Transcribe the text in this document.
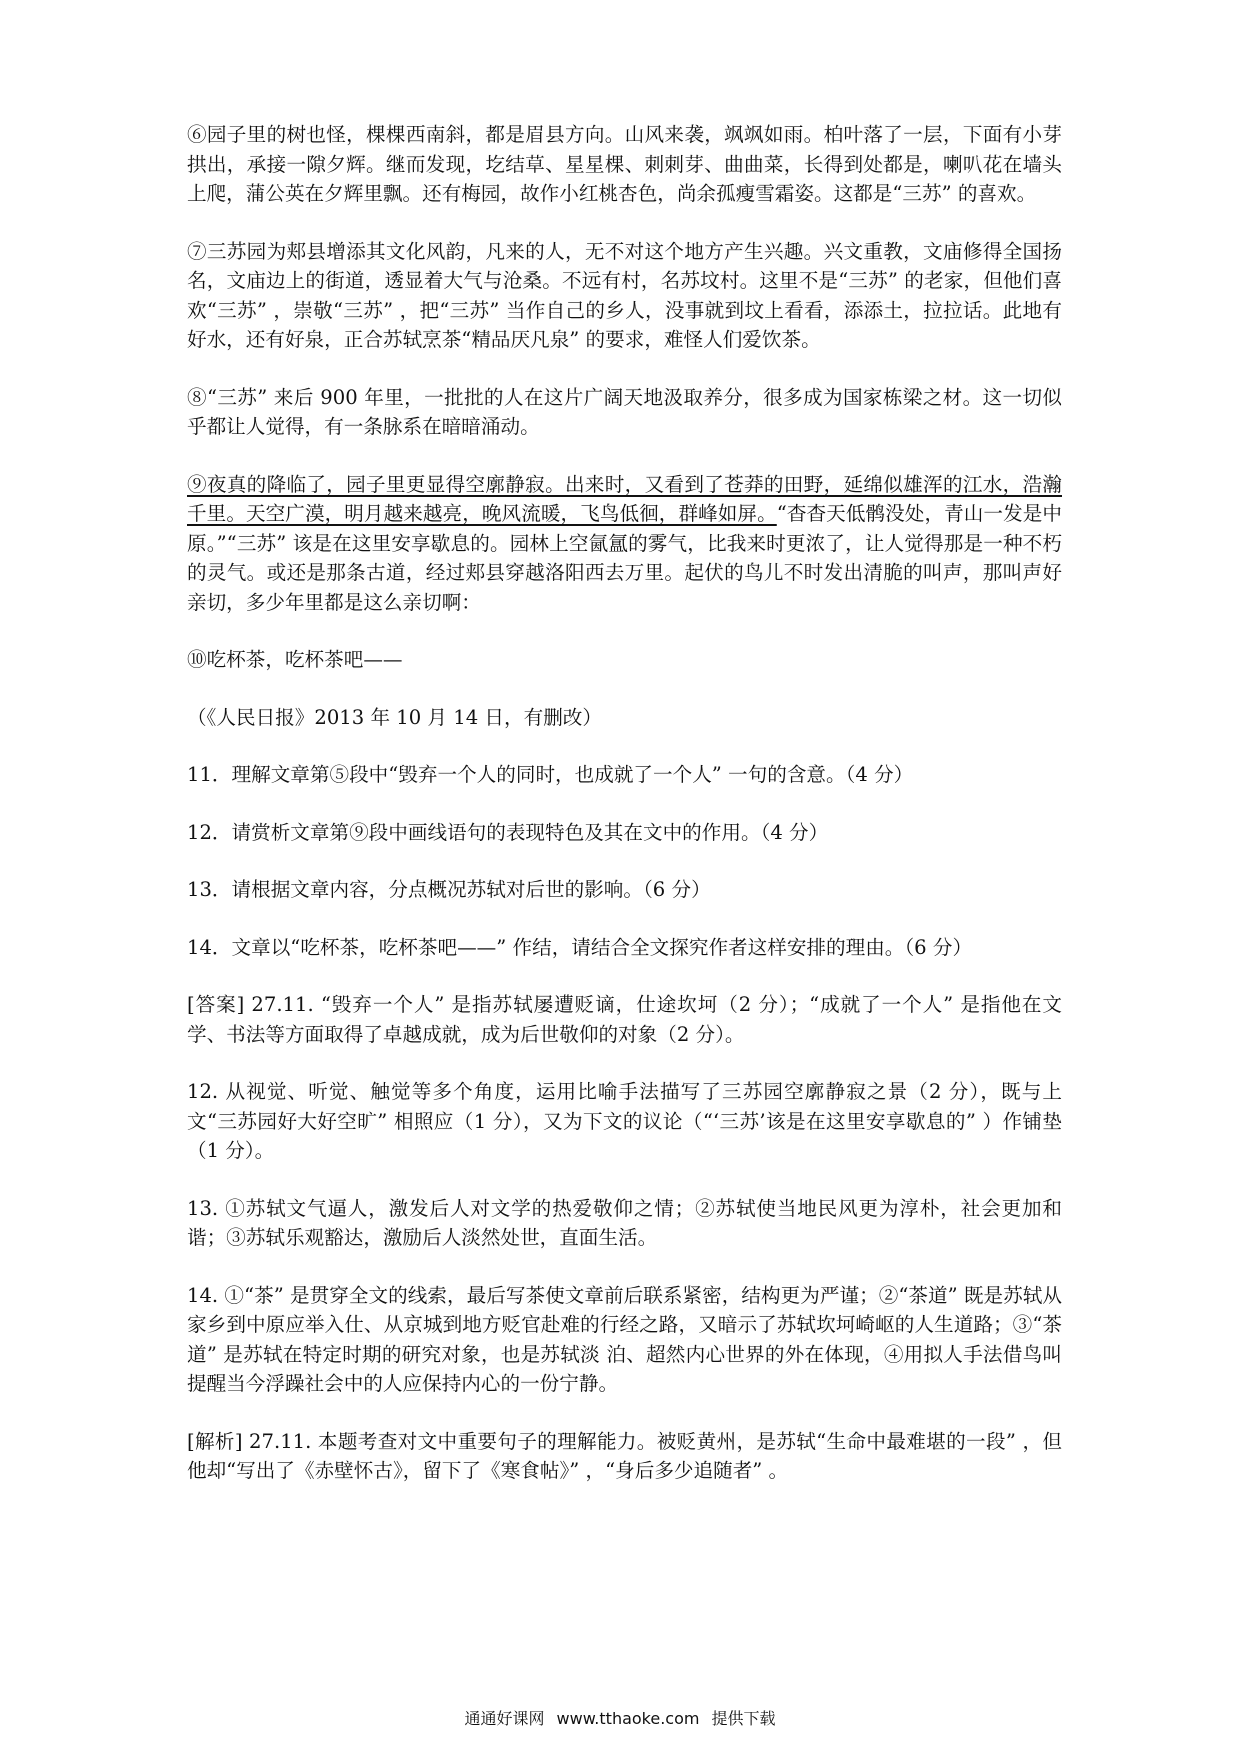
⑥园子里的树也怪，棵棵西南斜，都是眉县方向。山风来袭，飒飒如雨。柏叶落了一层，下面有小芽拱出，承接一隙夕辉。继而发现，圪结草、星星棵、刺刺芽、曲曲菜，长得到处都是，喇叭花在墙头上爬，蒲公英在夕辉里飘。还有梅园，故作小红桃杏色，尚余孤瘦雪霜姿。这都是“三苏” 的喜欢。

⑦三苏园为郏县增添其文化风韵，凡来的人，无不对这个地方产生兴趣。兴文重教，文庙修得全国扬名，文庙边上的街道，透显着大气与沧桑。不远有村，名苏坟村。这里不是“三苏” 的老家，但他们喜欢“三苏” ，崇敬“三苏” ，把“三苏” 当作自己的乡人，没事就到坟上看看，添添土，拉拉话。此地有好水，还有好泉，正合苏轼烹茶“精品厌凡泉” 的要求，难怪人们爱饮茶。

⑧“三苏” 来后 900 年里，一批批的人在这片广阔天地汲取养分，很多成为国家栋梁之材。这一切似乎都让人觉得，有一条脉系在暗暗涌动。

⑨夜真的降临了，园子里更显得空廓静寂。出来时，又看到了苍莽的田野，延绵似雄浑的江水，浩瀚千里。天空广漠，明月越来越亮，晚风流暖，飞鸟低徊，群峰如屏。“杳杳天低鹘没处，青山一发是中原。”“三苏” 该是在这里安享歇息的。园林上空氤氲的雾气，比我来时更浓了，让人觉得那是一种不朽的灵气。或还是那条古道，经过郏县穿越洛阳西去万里。起伏的鸟儿不时发出清脆的叫声，那叫声好亲切，多少年里都是这么亲切啊：

⑩吃杯茶，吃杯茶吧——

（《人民日报》2013 年 10 月 14 日，有删改）

11．理解文章第⑤段中“毁弃一个人的同时，也成就了一个人” 一句的含意。（4 分）

12．请赏析文章第⑨段中画线语句的表现特色及其在文中的作用。（4 分）

13．请根据文章内容，分点概况苏轼对后世的影响。（6 分）

14．文章以“吃杯茶，吃杯茶吧——” 作结，请结合全文探究作者这样安排的理由。（6 分）

[答案] 27.11. “毁弃一个人” 是指苏轼屡遭贬谪，仕途坎坷（2 分）；“成就了一个人” 是指他在文学、书法等方面取得了卓越成就，成为后世敬仰的对象（2 分）。

12. 从视觉、听觉、触觉等多个角度，运用比喻手法描写了三苏园空廓静寂之景（2 分），既与上文“三苏园好大好空旷” 相照应（1 分），又为下文的议论（“‘三苏’该是在这里安享歇息的” ）作铺垫（1 分）。

13. ①苏轼文气逼人，激发后人对文学的热爱敬仰之情；②苏轼使当地民风更为淳朴，社会更加和谐；③苏轼乐观豁达，激励后人淡然处世，直面生活。

14. ①“茶” 是贯穿全文的线索，最后写茶使文章前后联系紧密，结构更为严谨；②“茶道” 既是苏轼从家乡到中原应举入仕、从京城到地方贬官赴难的行经之路，又暗示了苏轼坎坷崎岖的人生道路；③“茶道” 是苏轼在特定时期的研究对象，也是苏轼淡 泊、超然内心世界的外在体现，④用拟人手法借鸟叫提醒当今浮躁社会中的人应保持内心的一份宁静。

[解析] 27.11. 本题考查对文中重要句子的理解能力。被贬黄州，是苏轼“生命中最难堪的一段” ，但他却“写出了《赤壁怀古》，留下了《寒食帖》” ，“身后多少追随者” 。

通通好课网 www.tthaoke.com 提供下载
